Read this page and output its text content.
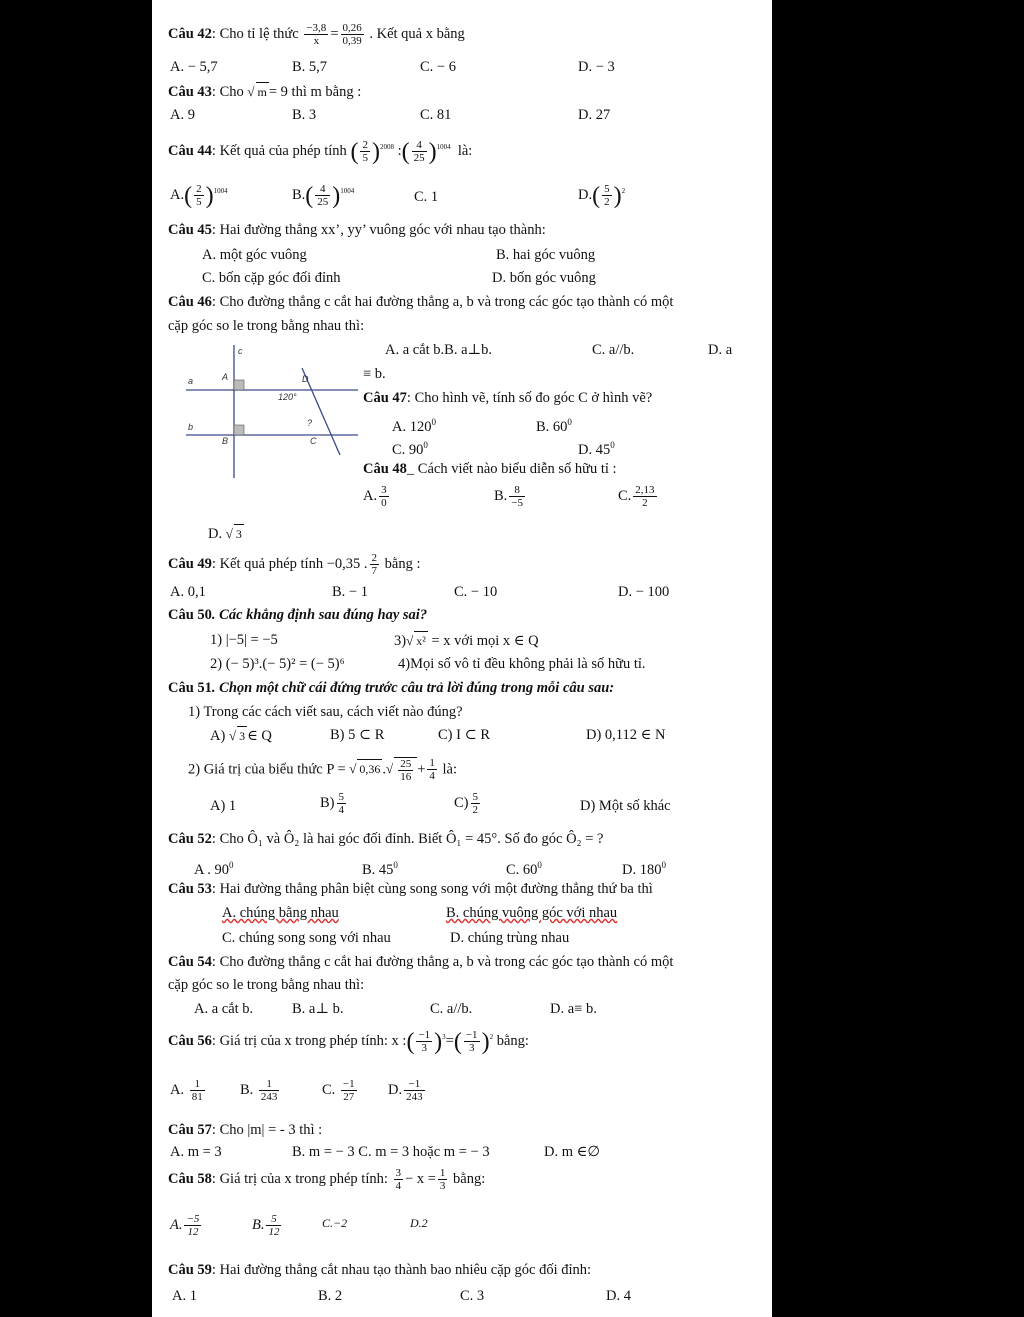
Câu 42: Cho tỉ lệ thức $\frac{-3,8}{x} = \frac{0,26}{0,39}$ . Kết quả x bằng
A. − 5,7	B. 5,7	C. − 6	D. − 3
Câu 43: Cho √ m = 9 thì m bằng :
A. 9	B. 3	C. 81	D. 27
Câu 44: Kết quả của phép tính ( $\frac{2}{5} )^{2008}$ :( $\frac{4}{25} )^{1004}$ là:
$A.( \frac{2}{5} )^{1004}$	$B.( \frac{4}{25} )^{1004}$	C. 1	$D.( \frac{5}{2} )^2$
Câu 45: Hai đường thẳng xx’, yy’ vuông góc với nhau tạo thành:
A. một góc vuông	B. hai góc vuông
C. bốn cặp góc đối đỉnh	D. bốn góc vuông
Câu 46: Cho đường thẳng c cắt hai đường thẳng a, b và trong các góc tạo thành có một
cặp góc so le trong bằng nhau thì:
A. a cắt b.B. a⊥b.	C. a//b.	D. a
≡ b.
c
a
b
A
B
D
C
120°
?
Câu 47: Cho hình vẽ, tính số đo góc C ở hình vẽ?
A. $120^0$	B. $60^0$
C. $90^0$	D. $45^0$
Câu 48_ Cách viết nào biểu diễn số hữu tỉ :
A. $\frac{3}{0}$	B. $\frac{8}{-5}$	C. $\frac{2,13}{2}$
D. √ 3
Câu 49: Kết quả phép tính −0,35 . $\frac{2}{7}$ bằng :
A. 0,1	B. − 1	C. − 10	D. − 100
Câu 50. Các khẳng định sau đúng hay sai?
1) |−5| = −5	3)√ x² = x với mọi x ∈ Q
2) (− 5)³.(− 5)² = (− 5)⁶	4)Mọi số vô tỉ đều không phải là số hữu tỉ.
Câu 51. Chọn một chữ cái đứng trước câu trả lời đúng trong mỗi câu sau:
1) Trong các cách viết sau, cách viết nào đúng?
A) √ 3 ∈ Q	B) 5 ⊂ R	C) I ⊂ R	D) 0,112 ∈ N
2) Giá trị của biểu thức P = √ 0,36 .√ $\frac{25}{16} + \frac{1}{4}$ là:
A) 1	$B) \frac{5}{4}$	$C) \frac{5}{2}$	D) Một số khác
Câu 52: Cho Ô₁ và Ô₂ là hai góc đối đỉnh. Biết Ô₁ = 45°. Số đo góc Ô₂ = ?
A . $90^0$	B. $45^0$	C. $60^0$	D. $180^0$
Câu 53: Hai đường thẳng phân biệt cùng song song với một đường thẳng thứ ba thì
A. chúng bằng nhau	B. chúng vuông góc với nhau
C. chúng song song với nhau	D. chúng trùng nhau
Câu 54: Cho đường thẳng c cắt hai đường thẳng a, b và trong các góc tạo thành có một
cặp góc so le trong bằng nhau thì:
A. a cắt b.	B. a⊥ b.	C. a//b.	D. a≡ b.
Câu 56: Giá trị của x trong phép tính: x :( $\frac{-1}{3} )^3=( \frac{-1}{3} )^2$ bằng:
A. $\frac{1}{81} B$. $\frac{1}{243}$	C. $\frac{-1}{27} D$. $\frac{-1}{243}$
Câu 57: Cho |m| = - 3 thì :
A. m = 3	B. m = − 3 C. m = 3 hoặc m = − 3	D. m ∈∅
Câu 58: Giá trị của x trong phép tính: $\frac{3}{4} - x = \frac{1}{3}$ bằng:
A. $\frac{-5}{12}$	B. $\frac{5}{12}$	C.−2	D.2
Câu 59: Hai đường thẳng cắt nhau tạo thành bao nhiêu cặp góc đối đỉnh:
A. 1	B. 2	C. 3	D. 4
